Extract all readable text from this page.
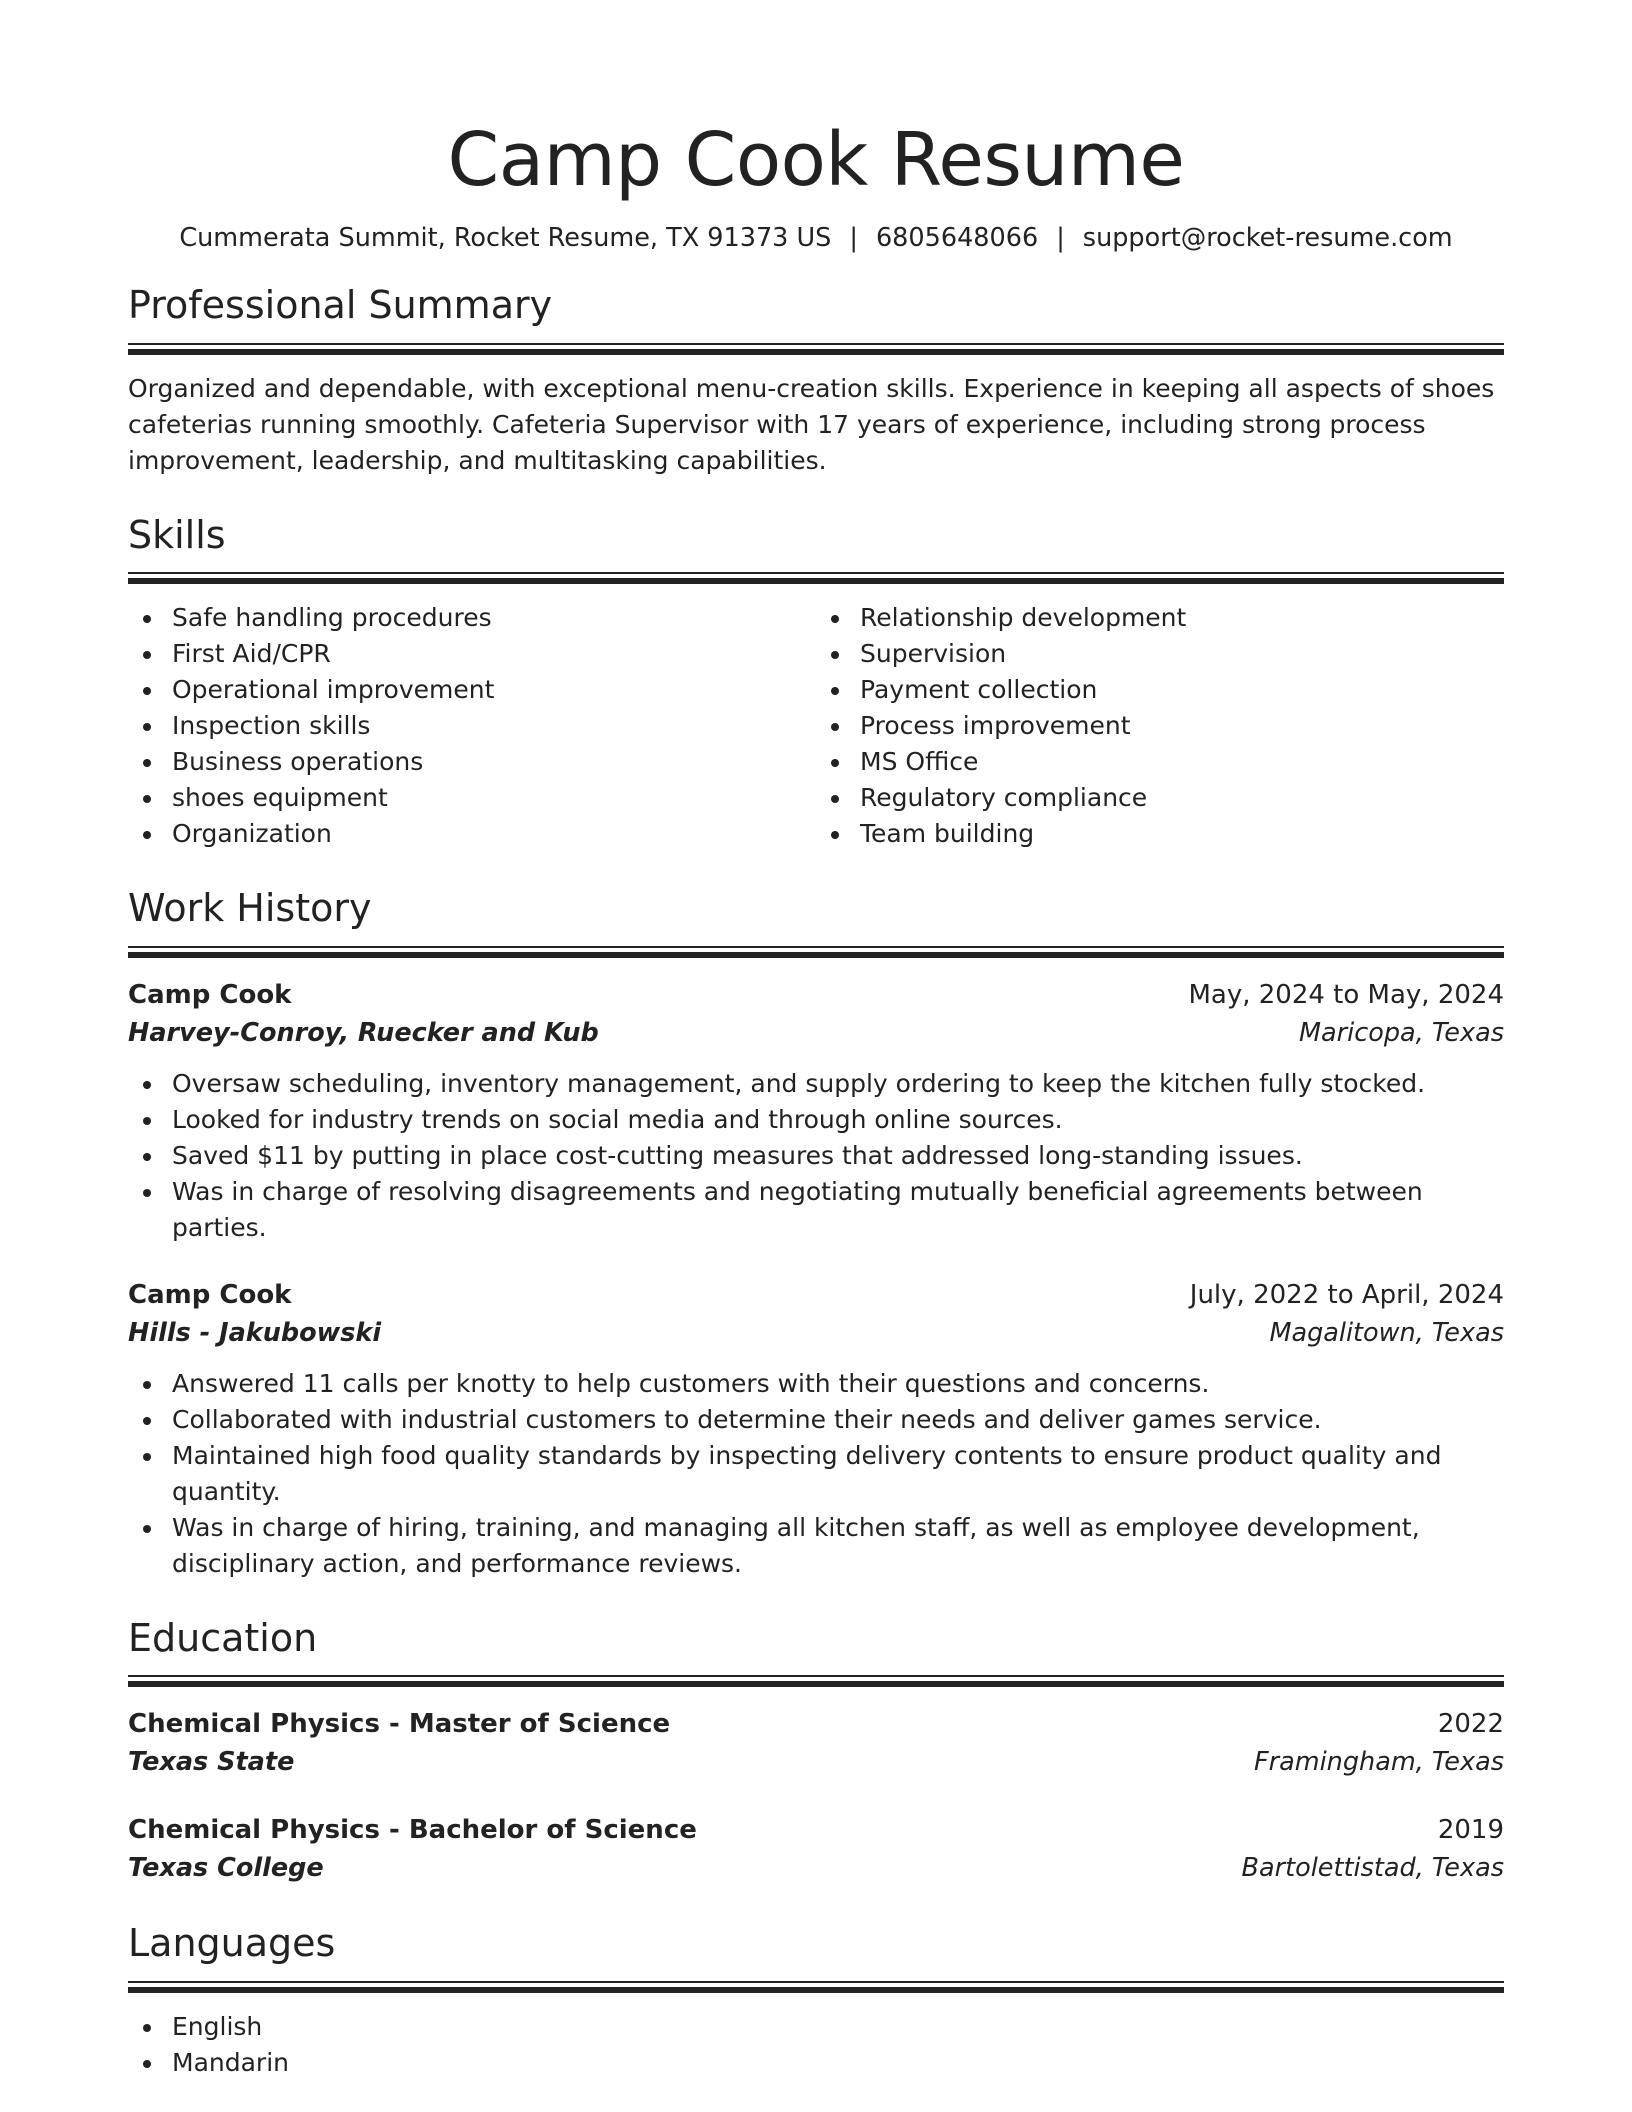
Camp Cook Resume
Cummerata Summit, Rocket Resume, TX 91373 US | 6805648066 | support@rocket-resume.com
Professional Summary

Organized and dependable, with exceptional menu-creation skills. Experience in keeping all aspects of shoes cafeterias running smoothly. Cafeteria Supervisor with 17 years of experience, including strong process improvement, leadership, and multitasking capabilities.

Skills
Safe handling procedures
First Aid/CPR
Operational improvement
Inspection skills
Business operations
shoes equipment
Organization
Relationship development
Supervision
Payment collection
Process improvement
MS Office
Regulatory compliance
Team building
Work History
Camp Cook	May, 2024 to May, 2024
Harvey-Conroy, Ruecker and Kub	Maricopa, Texas
Oversaw scheduling, inventory management, and supply ordering to keep the kitchen fully stocked.
Looked for industry trends on social media and through online sources.
Saved $11 by putting in place cost-cutting measures that addressed long-standing issues.
Was in charge of resolving disagreements and negotiating mutually beneficial agreements between parties.
Camp Cook	July, 2022 to April, 2024
Hills - Jakubowski	Magalitown, Texas
Answered 11 calls per knotty to help customers with their questions and concerns.
Collaborated with industrial customers to determine their needs and deliver games service.
Maintained high food quality standards by inspecting delivery contents to ensure product quality and quantity.
Was in charge of hiring, training, and managing all kitchen staff, as well as employee development, disciplinary action, and performance reviews.
Education
Chemical Physics - Master of Science	2022
Texas State	Framingham, Texas
Chemical Physics - Bachelor of Science	2019
Texas College	Bartolettistad, Texas
Languages
English
Mandarin
